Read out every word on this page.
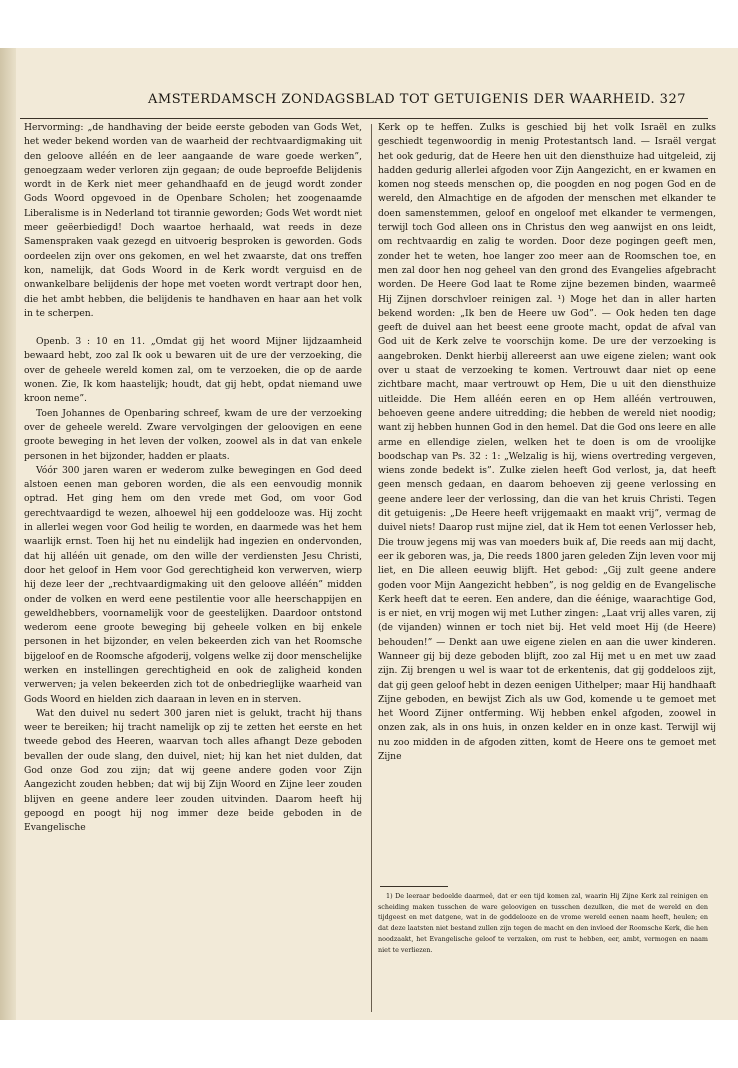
AMSTERDAMSCH ZONDAGSBLAD TOT GETUIGENIS DER WAARHEID. 327

Hervorming: „de handhaving der beide eerste geboden van Gods Wet, het weder bekend worden van de waarheid der rechtvaardigmaking uit den geloove alléén en de leer aangaande de ware goede werken”, genoegzaam weder verloren zijn gegaan; de oude beproefde Belijdenis wordt in de Kerk niet meer gehandhaafd en de jeugd wordt zonder Gods Woord opgevoed in de Openbare Scholen; het zoogenaamde Liberalisme is in Nederland tot tirannie geworden; Gods Wet wordt niet meer geëerbiedigd! Doch waartoe herhaald, wat reeds in deze Samenspraken vaak gezegd en uitvoerig besproken is geworden. Gods oordeelen zijn over ons gekomen, en wel het zwaarste, dat ons treffen kon, namelijk, dat Gods Woord in de Kerk wordt verguisd en de onwankelbare belijdenis der hope met voeten wordt vertrapt door hen, die het ambt hebben, die belijdenis te handhaven en haar aan het volk in te scherpen.

Openb. 3 : 10 en 11. „Omdat gij het woord Mijner lijdzaamheid bewaard hebt, zoo zal Ik ook u bewaren uit de ure der verzoeking, die over de geheele wereld komen zal, om te verzoeken, die op de aarde wonen. Zie, Ik kom haastelijk; houdt, dat gij hebt, opdat niemand uwe kroon neme”.

Toen Johannes de Openbaring schreef, kwam de ure der verzoeking over de geheele wereld. Zware vervolgingen der geloovigen en eene groote beweging in het leven der volken, zoowel als in dat van enkele personen in het bijzonder, hadden er plaats.

Vóór 300 jaren waren er wederom zulke bewegingen en God deed alstoen eenen man geboren worden, die als een eenvoudig monnik optrad. Het ging hem om den vrede met God, om voor God gerechtvaardigd te wezen, alhoewel hij een goddelooze was. Hij zocht in allerlei wegen voor God heilig te worden, en daarmede was het hem waarlijk ernst. Toen hij het nu eindelijk had ingezien en ondervonden, dat hij alléén uit genade, om den wille der verdiensten Jesu Christi, door het geloof in Hem voor God gerechtigheid kon verwerven, wierp hij deze leer der „rechtvaardigmaking uit den geloove alléén” midden onder de volken en werd eene pestilentie voor alle heerschappijen en geweldhebbers, voornamelijk voor de geestelijken. Daardoor ontstond wederom eene groote beweging bij geheele volken en bij enkele personen in het bijzonder, en velen bekeerden zich van het Roomsche bijgeloof en de Roomsche afgoderij, volgens welke zij door menschelijke werken en instellingen gerechtigheid en ook de zaligheid konden verwerven; ja velen bekeerden zich tot de onbedrieglijke waarheid van Gods Woord en hielden zich daaraan in leven en in sterven.

Wat den duivel nu sedert 300 jaren niet is gelukt, tracht hij thans weer te bereiken; hij tracht namelijk op zij te zetten het eerste en het tweede gebod des Heeren, waarvan toch alles afhangt Deze geboden bevallen der oude slang, den duivel, niet; hij kan het niet dulden, dat God onze God zou zijn; dat wij geene andere goden voor Zijn Aangezicht zouden hebben; dat wij bij Zijn Woord en Zijne leer zouden blijven en geene andere leer zouden uitvinden. Daarom heeft hij gepoogd en poogt hij nog immer deze beide geboden in de Evangelische

Kerk op te heffen. Zulks is geschied bij het volk Israël en zulks geschiedt tegenwoordig in menig Protestantsch land. — Israël vergat het ook gedurig, dat de Heere hen uit den diensthuize had uitgeleid, zij hadden gedurig allerlei afgoden voor Zijn Aangezicht, en er kwamen en komen nog steeds menschen op, die poogden en nog pogen God en de wereld, den Almachtige en de afgoden der menschen met elkander te doen samenstemmen, geloof en ongeloof met elkander te vermengen, terwijl toch God alleen ons in Christus den weg aanwijst en ons leidt, om rechtvaardig en zalig te worden. Door deze pogingen geeft men, zonder het te weten, hoe langer zoo meer aan de Roomschen toe, en men zal door hen nog geheel van den grond des Evangelies afgebracht worden. De Heere God laat te Rome zijne bezemen binden, waarmeê Hij Zijnen dorschvloer reinigen zal. ¹) Moge het dan in aller harten bekend worden: „Ik ben de Heere uw God”. — Ook heden ten dage geeft de duivel aan het beest eene groote macht, opdat de afval van God uit de Kerk zelve te voorschijn kome. De ure der verzoeking is aangebroken. Denkt hierbij allereerst aan uwe eigene zielen; want ook over u staat de verzoeking te komen. Vertrouwt daar niet op eene zichtbare macht, maar vertrouwt op Hem, Die u uit den diensthuize uitleidde. Die Hem alléén eeren en op Hem alléén vertrouwen, behoeven geene andere uitredding; die hebben de wereld niet noodig; want zij hebben hunnen God in den hemel. Dat die God ons leere en alle arme en ellendige zielen, welken het te doen is om de vroolijke boodschap van Ps. 32 : 1: „Welzalig is hij, wiens overtreding vergeven, wiens zonde bedekt is”. Zulke zielen heeft God verlost, ja, dat heeft geen mensch gedaan, en daarom behoeven zij geene verlossing en geene andere leer der verlossing, dan die van het kruis Christi. Tegen dit getuigenis: „De Heere heeft vrijgemaakt en maakt vrij”, vermag de duivel niets! Daarop rust mijne ziel, dat ik Hem tot eenen Verlosser heb, Die trouw jegens mij was van moeders buik af, Die reeds aan mij dacht, eer ik geboren was, ja, Die reeds 1800 jaren geleden Zijn leven voor mij liet, en Die alleen eeuwig blijft. Het gebod: „Gij zult geene andere goden voor Mijn Aangezicht hebben”, is nog geldig en de Evangelische Kerk heeft dat te eeren. Een andere, dan die éénige, waarachtige God, is er niet, en vrij mogen wij met Luther zingen: „Laat vrij alles varen, zij (de vijanden) winnen er toch niet bij. Het veld moet Hij (de Heere) behouden!” — Denkt aan uwe eigene zielen en aan die uwer kinderen. Wanneer gij bij deze geboden blijft, zoo zal Hij met u en met uw zaad zijn. Zij brengen u wel is waar tot de erkentenis, dat gij goddeloos zijt, dat gij geen geloof hebt in dezen eenigen Uithelper; maar Hij handhaaft Zijne geboden, en bewijst Zich als uw God, komende u te gemoet met het Woord Zijner ontferming. Wij hebben enkel afgoden, zoowel in onzen zak, als in ons huis, in onzen kelder en in onze kast. Terwijl wij nu zoo midden in de afgoden zitten, komt de Heere ons te gemoet met Zijne

1) De leeraar bedoelde daarmeê, dat er een tijd komen zal, waarin Hij Zijne Kerk zal reinigen en scheiding maken tusschen de ware geloovigen en tusschen dezulken, die met de wereld en den tijdgeest en met datgene, wat in de goddelooze en de vrome wereld eenen naam heeft, heulen; en dat deze laatsten niet bestand zullen zijn tegen de macht en den invloed der Roomsche Kerk, die hen noodzaakt, het Evangelische geloof te verzaken, om rust te hebben, eer, ambt, vermogen en naam niet te verliezen.
